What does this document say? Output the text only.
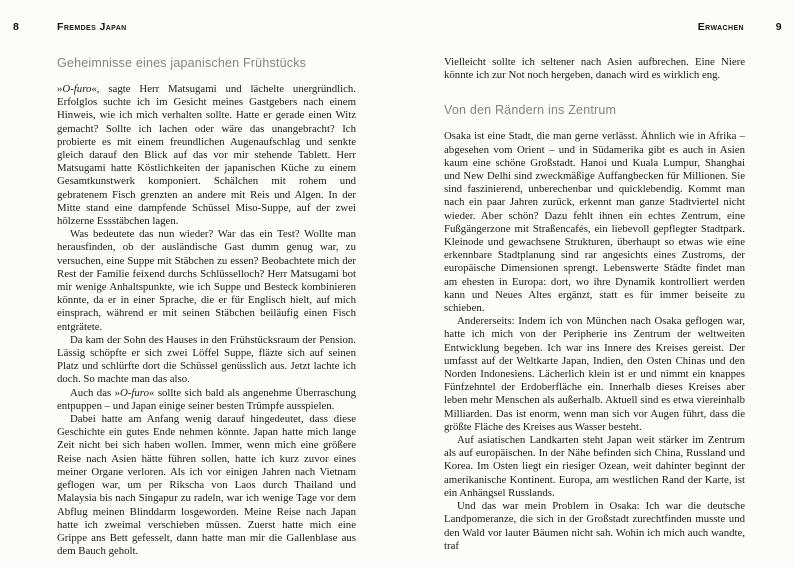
8	Fremdes Japan
Geheimnisse eines japanischen Frühstücks

»O-furo«, sagte Herr Matsugami und lächelte unergründlich. Erfolglos suchte ich im Gesicht meines Gastgebers nach einem Hinweis, wie ich mich verhalten sollte. Hatte er gerade einen Witz gemacht? Sollte ich lachen oder wäre das unangebracht? Ich probierte es mit einem freundlichen Augenaufschlag und senkte gleich darauf den Blick auf das vor mir stehende Tablett. Herr Matsugami hatte Köstlichkeiten der japanischen Küche zu einem Gesamtkunstwerk komponiert. Schälchen mit rohem und gebratenem Fisch grenzten an andere mit Reis und Algen. In der Mitte stand eine dampfende Schüssel Miso-Suppe, auf der zwei hölzerne Essstäbchen lagen.

Was bedeutete das nun wieder? War das ein Test? Wollte man herausfinden, ob der ausländische Gast dumm genug war, zu versuchen, eine Suppe mit Stäbchen zu essen? Beobachtete mich der Rest der Familie feixend durchs Schlüsselloch? Herr Matsugami bot mir wenige Anhaltspunkte, wie ich Suppe und Besteck kombinieren könnte, da er in einer Sprache, die er für Englisch hielt, auf mich einsprach, während er mit seinen Stäbchen beiläufig einen Fisch entgrätete.

Da kam der Sohn des Hauses in den Frühstücksraum der Pension. Lässig schöpfte er sich zwei Löffel Suppe, fläzte sich auf seinen Platz und schlürfte dort die Schüssel genüsslich aus. Jetzt lachte ich doch. So machte man das also.

Auch das »O-furo« sollte sich bald als angenehme Überraschung entpuppen – und Japan einige seiner besten Trümpfe ausspielen.

Dabei hatte am Anfang wenig darauf hingedeutet, dass diese Geschichte ein gutes Ende nehmen könnte. Japan hatte mich lange Zeit nicht bei sich haben wollen. Immer, wenn mich eine größere Reise nach Asien hätte führen sollen, hatte ich kurz zuvor eines meiner Organe verloren. Als ich vor einigen Jahren nach Vietnam geflogen war, um per Rikscha von Laos durch Thailand und Malaysia bis nach Singapur zu radeln, war ich wenige Tage vor dem Abflug meinen Blinddarm losgeworden. Meine Reise nach Japan hatte ich zweimal verschieben müssen. Zuerst hatte mich eine Grippe ans Bett gefesselt, dann hatte man mir die Gallenblase aus dem Bauch geholt.

Erwachen	9

Vielleicht sollte ich seltener nach Asien aufbrechen. Eine Niere könnte ich zur Not noch hergeben, danach wird es wirklich eng.

Von den Rändern ins Zentrum

Osaka ist eine Stadt, die man gerne verlässt. Ähnlich wie in Afrika – abgesehen vom Orient – und in Südamerika gibt es auch in Asien kaum eine schöne Großstadt. Hanoi und Kuala Lumpur, Shanghai und New Delhi sind zweckmäßige Auffangbecken für Millionen. Sie sind faszinierend, unberechenbar und quicklebendig. Kommt man nach ein paar Jahren zurück, erkennt man ganze Stadtviertel nicht wieder. Aber schön? Dazu fehlt ihnen ein echtes Zentrum, eine Fußgängerzone mit Straßencafés, ein liebevoll gepflegter Stadtpark. Kleinode und gewachsene Strukturen, überhaupt so etwas wie eine erkennbare Stadtplanung sind rar angesichts eines Zustroms, der europäische Dimensionen sprengt. Lebenswerte Städte findet man am ehesten in Europa: dort, wo ihre Dynamik kontrolliert werden kann und Neues Altes ergänzt, statt es für immer beiseite zu schieben.

Andererseits: Indem ich von München nach Osaka geflogen war, hatte ich mich von der Peripherie ins Zentrum der weltweiten Entwicklung begeben. Ich war ins Innere des Kreises gereist. Der umfasst auf der Weltkarte Japan, Indien, den Osten Chinas und den Norden Indonesiens. Lächerlich klein ist er und nimmt ein knappes Fünfzehntel der Erdoberfläche ein. Innerhalb dieses Kreises aber leben mehr Menschen als außerhalb. Aktuell sind es etwa viereinhalb Milliarden. Das ist enorm, wenn man sich vor Augen führt, dass die größte Fläche des Kreises aus Wasser besteht.

Auf asiatischen Landkarten steht Japan weit stärker im Zentrum als auf europäischen. In der Nähe befinden sich China, Russland und Korea. Im Osten liegt ein riesiger Ozean, weit dahinter beginnt der amerikanische Kontinent. Europa, am westlichen Rand der Karte, ist ein Anhängsel Russlands.

Und das war mein Problem in Osaka: Ich war die deutsche Landpomeranze, die sich in der Großstadt zurechtfinden musste und den Wald vor lauter Bäumen nicht sah. Wohin ich mich auch wandte, traf
